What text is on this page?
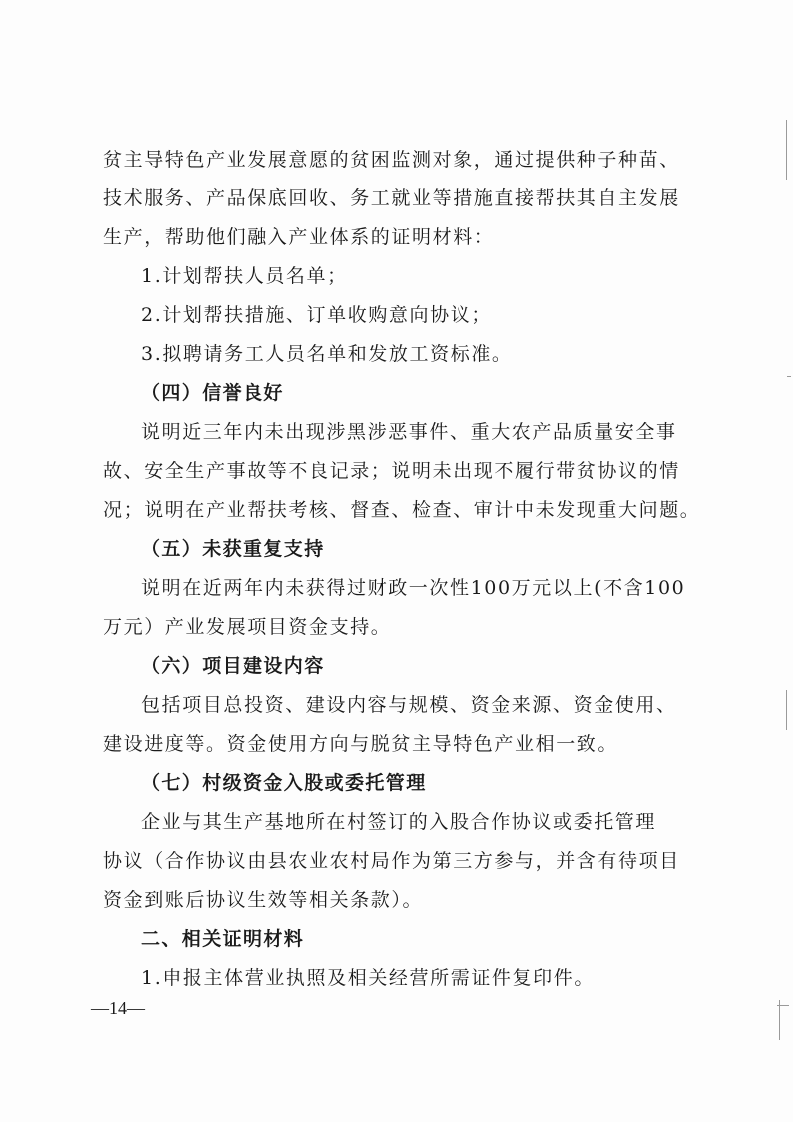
贫主导特色产业发展意愿的贫困监测对象，通过提供种子种苗、
技术服务、产品保底回收、务工就业等措施直接帮扶其自主发展
生产，帮助他们融入产业体系的证明材料：
1.计划帮扶人员名单；
2.计划帮扶措施、订单收购意向协议；
3.拟聘请务工人员名单和发放工资标准。
（四）信誉良好
说明近三年内未出现涉黑涉恶事件、重大农产品质量安全事
故、安全生产事故等不良记录；说明未出现不履行带贫协议的情
况；说明在产业帮扶考核、督查、检查、审计中未发现重大问题。
（五）未获重复支持
说明在近两年内未获得过财政一次性100万元以上(不含100
万元）产业发展项目资金支持。
（六）项目建设内容
包括项目总投资、建设内容与规模、资金来源、资金使用、
建设进度等。资金使用方向与脱贫主导特色产业相一致。
（七）村级资金入股或委托管理
企业与其生产基地所在村签订的入股合作协议或委托管理
协议（合作协议由县农业农村局作为第三方参与，并含有待项目
资金到账后协议生效等相关条款）。
二、相关证明材料
1.申报主体营业执照及相关经营所需证件复印件。
—14—
